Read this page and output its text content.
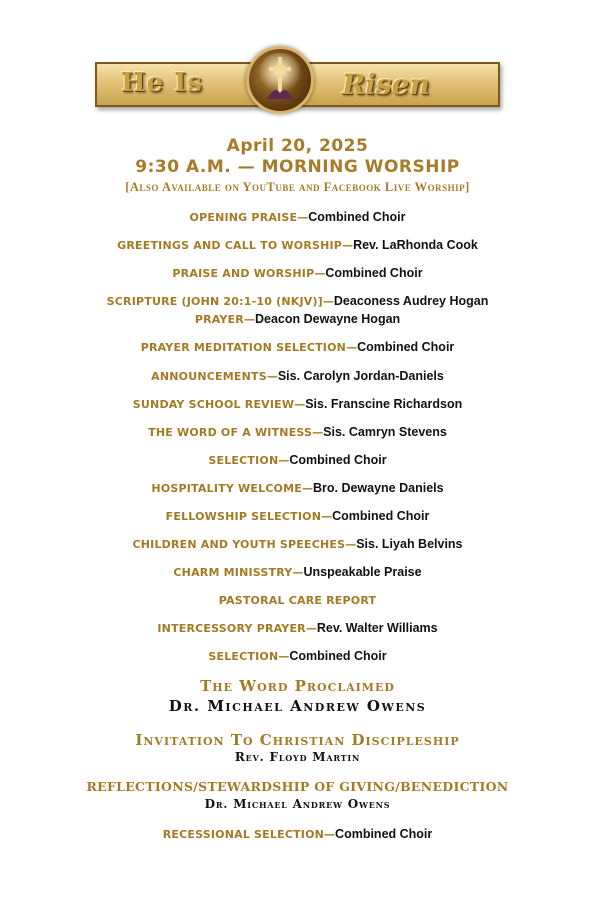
He Is	Risen
April 20, 2025
9:30 A.M. — MORNING WORSHIP
[Also Available on YouTube and Facebook Live Worship]
OPENING PRAISE—Combined Choir
GREETINGS AND CALL TO WORSHIP—Rev. LaRhonda Cook
PRAISE AND WORSHIP—Combined Choir
SCRIPTURE (JOHN 20:1-10 (NKJV)]—Deaconess Audrey Hogan
PRAYER—Deacon Dewayne Hogan
PRAYER MEDITATION SELECTION—Combined Choir
ANNOUNCEMENTS—Sis. Carolyn Jordan-Daniels
SUNDAY SCHOOL REVIEW—Sis. Franscine Richardson
THE WORD OF A WITNESS—Sis. Camryn Stevens
SELECTION—Combined Choir
HOSPITALITY WELCOME—Bro. Dewayne Daniels
FELLOWSHIP SELECTION—Combined Choir
CHILDREN AND YOUTH SPEECHES—Sis. Liyah Belvins
CHARM MINISSTRY—Unspeakable Praise
PASTORAL CARE REPORT
INTERCESSORY PRAYER—Rev. Walter Williams
SELECTION—Combined Choir
The Word Proclaimed
Dr. Michael Andrew Owens
Invitation To Christian Discipleship
Rev. Floyd Martin
REFLECTIONS/STEWARDSHIP OF GIVING/BENEDICTION
Dr. Michael Andrew Owens
RECESSIONAL SELECTION—Combined Choir
